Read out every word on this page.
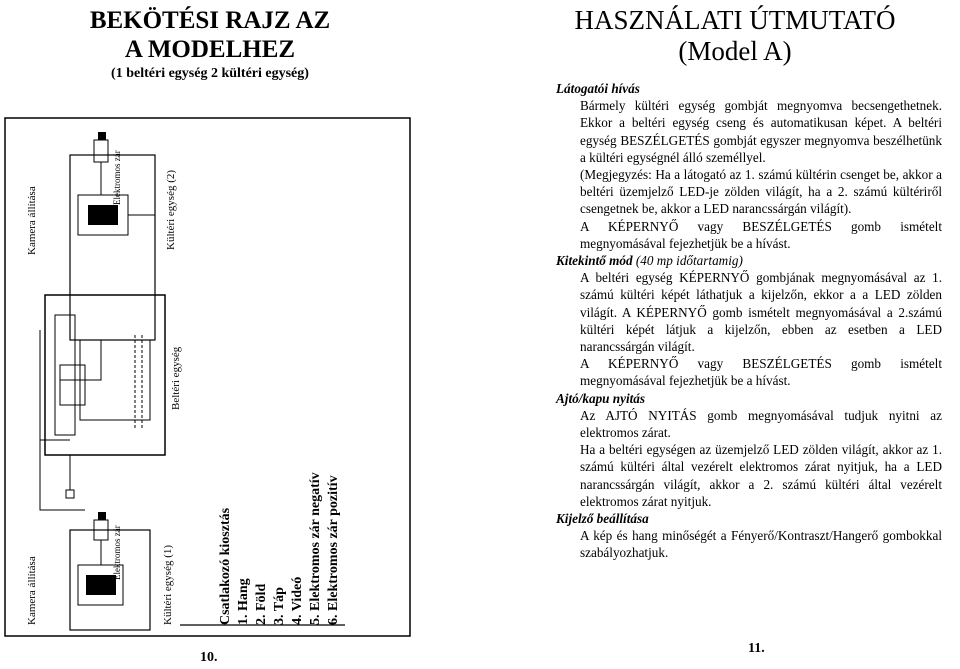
BEKÖTÉSI RAJZ AZ
A MODELHEZ
(1 beltéri egység 2 kültéri egység)
Kamera állítása
Elektromos zár	Kültéri egység (2)
Beltéri egység
Kamera állítása
Elektromos zár	Kültéri egység (1)	Csatlakozó kiosztás 1. Hang 2. Föld 3. Táp 4. Videó 5. Elektromos zár negatív 6. Elektromos zár pozitív
10.
HASZNÁLATI ÚTMUTATÓ
(Model A)
Látogatói hívás
Bármely kültéri egység gombját megnyomva becsengethetnek. Ekkor a beltéri egység cseng és automatikusan képet. A beltéri egység BESZÉLGETÉS gombját egyszer megnyomva beszélhetünk a kültéri egységnél álló személlyel.
(Megjegyzés: Ha a látogató az 1. számú kültérin csenget be, akkor a beltéri üzemjelző LED-je zölden világít, ha a 2. számú kültériről csengetnek be, akkor a LED narancssárgán világít).
A KÉPERNYŐ vagy BESZÉLGETÉS gomb ismételt megnyomásával fejezhetjük be a hívást.
Kitekintő mód (40 mp időtartamig)
A beltéri egység KÉPERNYŐ gombjának megnyomásával az 1. számú kültéri képét láthatjuk a kijelzőn, ekkor a a LED zölden világít. A KÉPERNYŐ gomb ismételt megnyomásával a 2.számú kültéri képét látjuk a kijelzőn, ebben az esetben a LED narancssárgán világít.
A KÉPERNYŐ vagy BESZÉLGETÉS gomb ismételt megnyomásával fejezhetjük be a hívást.
Ajtó/kapu nyitás
Az AJTÓ NYITÁS gomb megnyomásával tudjuk nyitni az elektromos zárat.
Ha a beltéri egységen az üzemjelző LED zölden világít, akkor az 1. számú kültéri által vezérelt elektromos zárat nyitjuk, ha a LED narancssárgán világít, akkor a 2. számú kültéri által vezérelt elektromos zárat nyitjuk.
Kijelző beállítása
A kép és hang minőségét a Fényerő/Kontraszt/Hangerő gombokkal szabályozhatjuk.
11.
